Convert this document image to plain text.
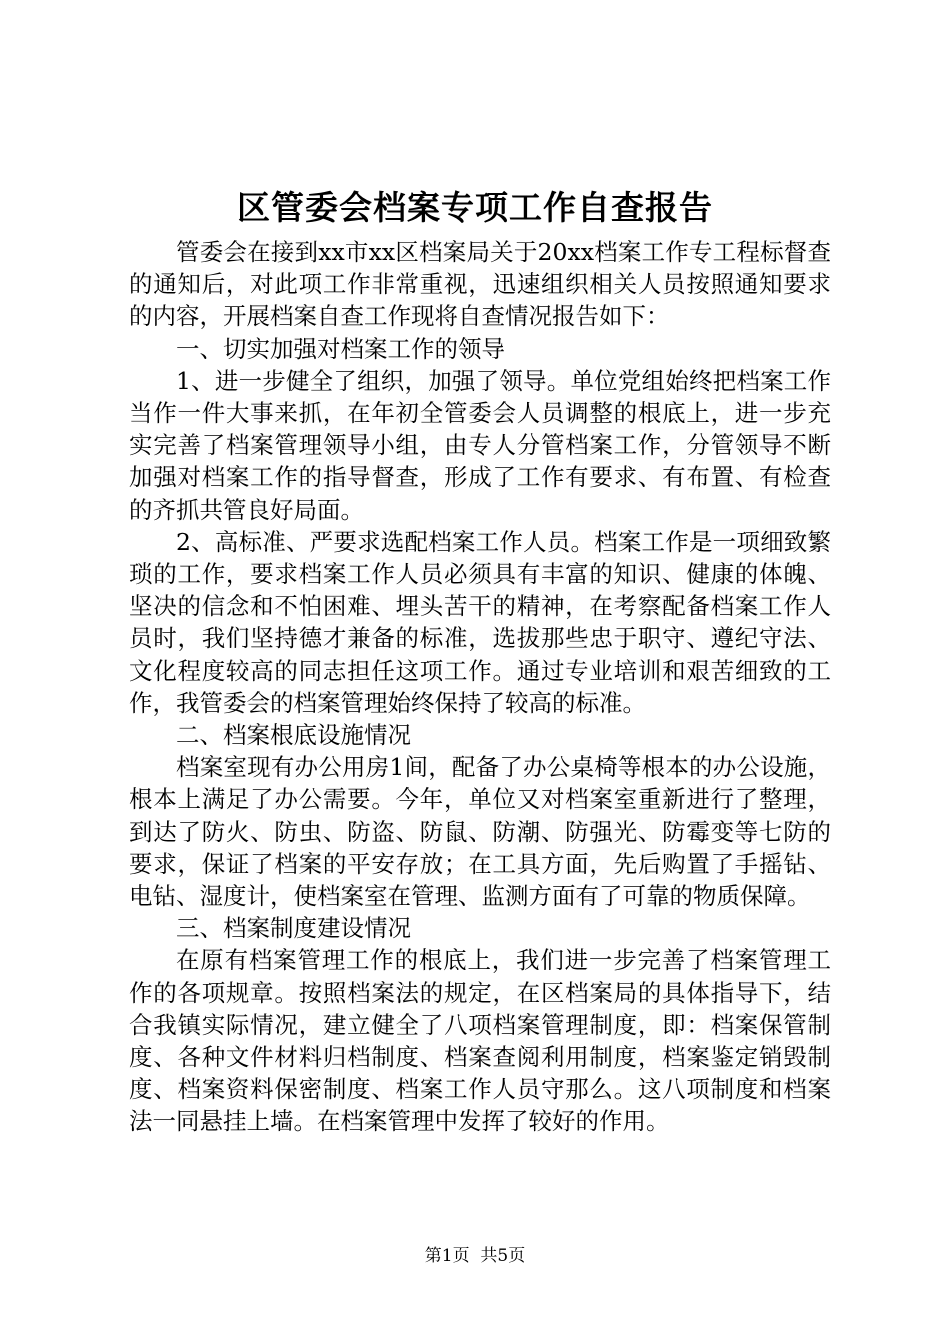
区管委会档案专项工作自查报告

管委会在接到xx市xx区档案局关于20xx档案工作专工程标督查的通知后，对此项工作非常重视，迅速组织相关人员按照通知要求的内容，开展档案自查工作现将自查情况报告如下：

一、切实加强对档案工作的领导

1、进一步健全了组织，加强了领导。单位党组始终把档案工作当作一件大事来抓，在年初全管委会人员调整的根底上，进一步充实完善了档案管理领导小组，由专人分管档案工作，分管领导不断加强对档案工作的指导督查，形成了工作有要求、有布置、有检查的齐抓共管良好局面。

2、高标准、严要求选配档案工作人员。档案工作是一项细致繁琐的工作，要求档案工作人员必须具有丰富的知识、健康的体魄、坚决的信念和不怕困难、埋头苦干的精神，在考察配备档案工作人员时，我们坚持德才兼备的标准，选拔那些忠于职守、遵纪守法、文化程度较高的同志担任这项工作。通过专业培训和艰苦细致的工作，我管委会的档案管理始终保持了较高的标准。

二、档案根底设施情况

档案室现有办公用房1间，配备了办公桌椅等根本的办公设施，根本上满足了办公需要。今年，单位又对档案室重新进行了整理，到达了防火、防虫、防盗、防鼠、防潮、防强光、防霉变等七防的要求，保证了档案的平安存放；在工具方面，先后购置了手摇钻、电钻、湿度计，使档案室在管理、监测方面有了可靠的物质保障。

三、档案制度建设情况

在原有档案管理工作的根底上，我们进一步完善了档案管理工作的各项规章。按照档案法的规定，在区档案局的具体指导下，结合我镇实际情况，建立健全了八项档案管理制度，即：档案保管制度、各种文件材料归档制度、档案查阅利用制度，档案鉴定销毁制度、档案资料保密制度、档案工作人员守那么。这八项制度和档案法一同悬挂上墙。在档案管理中发挥了较好的作用。

第1页 共5页
